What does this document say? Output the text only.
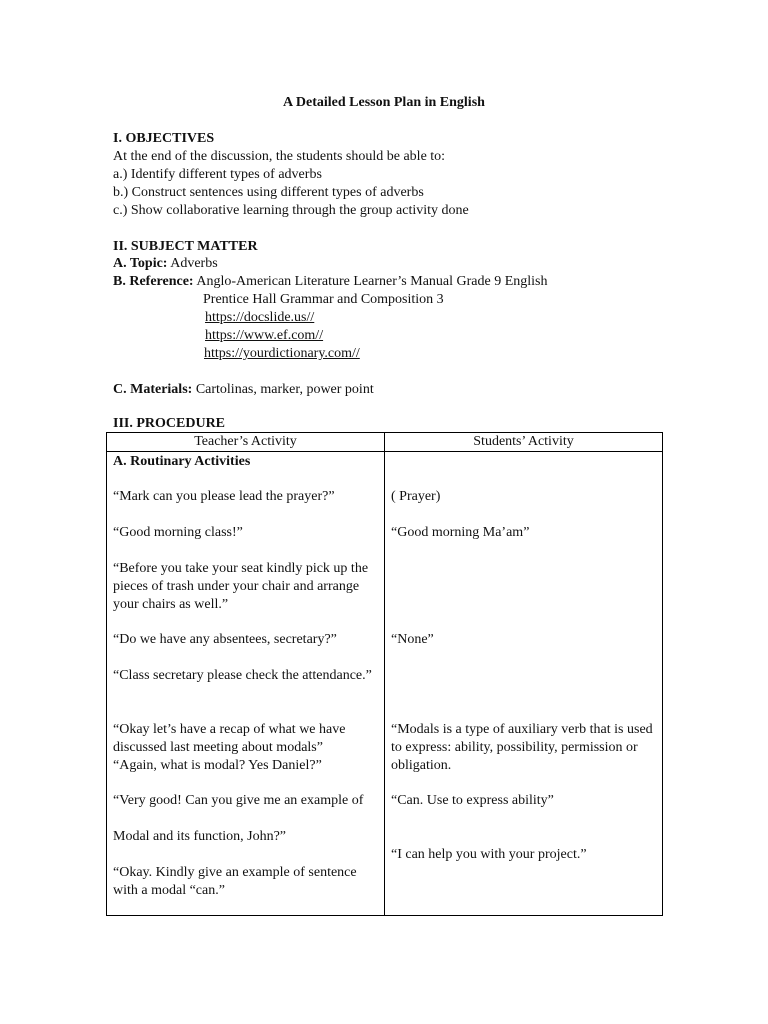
A Detailed Lesson Plan in English
I. OBJECTIVES
At the end of the discussion, the students should be able to:
a.) Identify different types of adverbs
b.) Construct sentences using different types of adverbs
c.) Show collaborative learning through the group activity done
II. SUBJECT MATTER
A. Topic: Adverbs
B. Reference: Anglo-American Literature Learner’s Manual Grade 9 English
Prentice Hall Grammar and Composition 3
https://docslide.us//
https://www.ef.com//
https://yourdictionary.com//
C. Materials: Cartolinas, marker, power point
III. PROCEDURE
Teacher’s Activity	Students’ Activity
A. Routinary Activities
“Mark can you please lead the prayer?”
“Good morning class!”
“Before you take your seat kindly pick up the pieces of trash under your chair and arrange your chairs as well.”
“Do we have any absentees, secretary?”
“Class secretary please check the attendance.”
“Okay let’s have a recap of what we have discussed last meeting about modals”
“Again, what is modal? Yes Daniel?”
“Very good! Can you give me an example of
Modal and its function, John?”
“Okay. Kindly give an example of sentence with a modal “can.”
( Prayer)
“Good morning Ma’am”
“None”
“Modals is a type of auxiliary verb that is used to express: ability, possibility, permission or obligation.
“Can. Use to express ability”
“I can help you with your project.”
